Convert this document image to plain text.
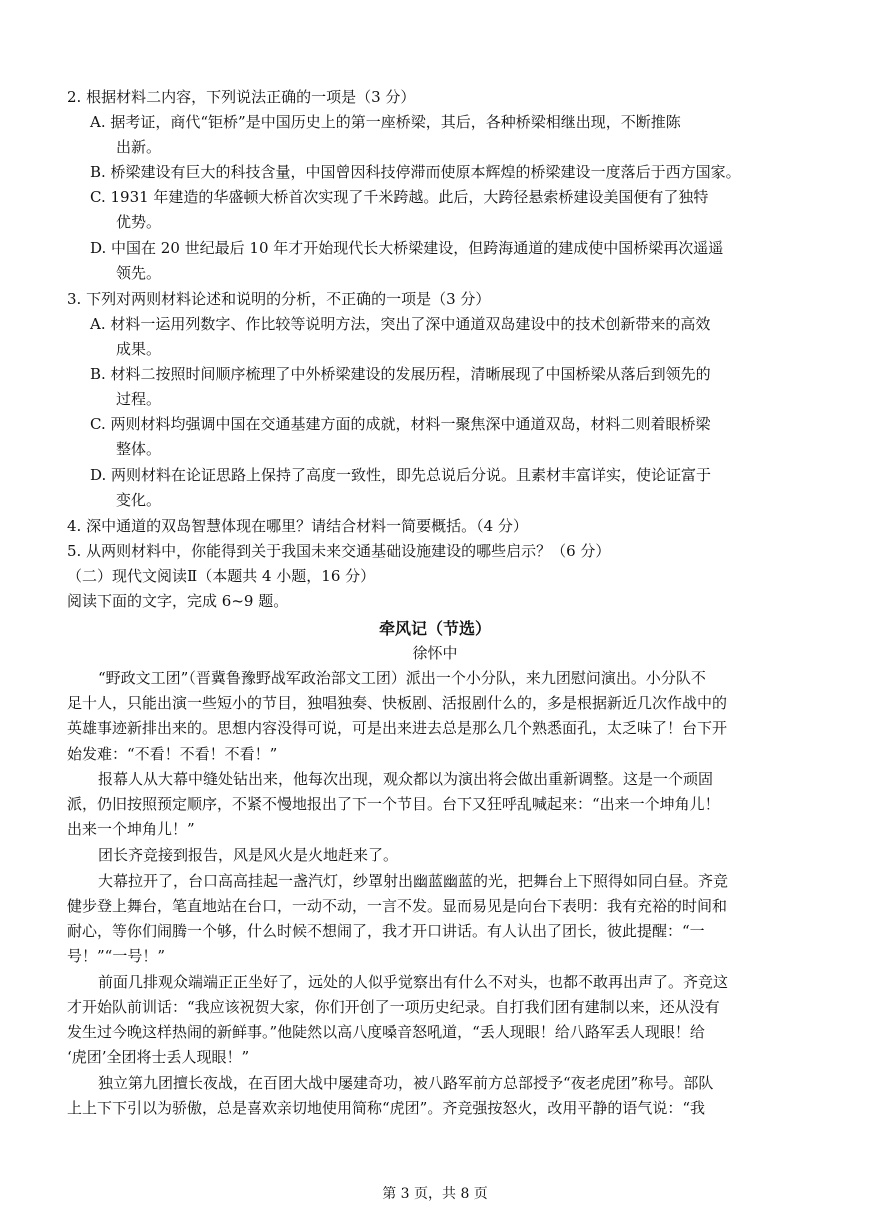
2. 根据材料二内容，下列说法正确的一项是（3 分）
A. 据考证，商代“钜桥”是中国历史上的第一座桥梁，其后，各种桥梁相继出现，不断推陈
出新。
B. 桥梁建设有巨大的科技含量，中国曾因科技停滞而使原本辉煌的桥梁建设一度落后于西方国家。
C. 1931 年建造的华盛顿大桥首次实现了千米跨越。此后，大跨径悬索桥建设美国便有了独特
优势。
D. 中国在 20 世纪最后 10 年才开始现代长大桥梁建设，但跨海通道的建成使中国桥梁再次遥遥
领先。
3. 下列对两则材料论述和说明的分析，不正确的一项是（3 分）
A. 材料一运用列数字、作比较等说明方法，突出了深中通道双岛建设中的技术创新带来的高效
成果。
B. 材料二按照时间顺序梳理了中外桥梁建设的发展历程，清晰展现了中国桥梁从落后到领先的
过程。
C. 两则材料均强调中国在交通基建方面的成就，材料一聚焦深中通道双岛，材料二则着眼桥梁
整体。
D. 两则材料在论证思路上保持了高度一致性，即先总说后分说。且素材丰富详实，使论证富于
变化。
4. 深中通道的双岛智慧体现在哪里？请结合材料一简要概括。（4 分）
5. 从两则材料中，你能得到关于我国未来交通基础设施建设的哪些启示？（6 分）
（二）现代文阅读Ⅱ（本题共 4 小题，16 分）
阅读下面的文字，完成 6~9 题。
牵风记（节选）
徐怀中
“野政文工团”（晋冀鲁豫野战军政治部文工团）派出一个小分队，来九团慰问演出。小分队不
足十人，只能出演一些短小的节目，独唱独奏、快板剧、活报剧什么的，多是根据新近几次作战中的
英雄事迹新排出来的。思想内容没得可说，可是出来进去总是那么几个熟悉面孔，太乏味了！台下开
始发难：“不看！不看！不看！”
报幕人从大幕中缝处钻出来，他每次出现，观众都以为演出将会做出重新调整。这是一个顽固
派，仍旧按照预定顺序，不紧不慢地报出了下一个节目。台下又狂呼乱喊起来：“出来一个坤角儿！
出来一个坤角儿！”
团长齐竞接到报告，风是风火是火地赶来了。
大幕拉开了，台口高高挂起一盏汽灯，纱罩射出幽蓝幽蓝的光，把舞台上下照得如同白昼。齐竞
健步登上舞台，笔直地站在台口，一动不动，一言不发。显而易见是向台下表明：我有充裕的时间和
耐心，等你们闹腾一个够，什么时候不想闹了，我才开口讲话。有人认出了团长，彼此提醒：“一
号！”“一号！”
前面几排观众端端正正坐好了，远处的人似乎觉察出有什么不对头，也都不敢再出声了。齐竞这
才开始队前训话：“我应该祝贺大家，你们开创了一项历史纪录。自打我们团有建制以来，还从没有
发生过今晚这样热闹的新鲜事。”他陡然以高八度嗓音怒吼道，“丢人现眼！给八路军丢人现眼！给
‘虎团’全团将士丢人现眼！”
独立第九团擅长夜战，在百团大战中屡建奇功，被八路军前方总部授予“夜老虎团”称号。部队
上上下下引以为骄傲，总是喜欢亲切地使用简称“虎团”。齐竞强按怒火，改用平静的语气说：“我
第 3 页，共 8 页
